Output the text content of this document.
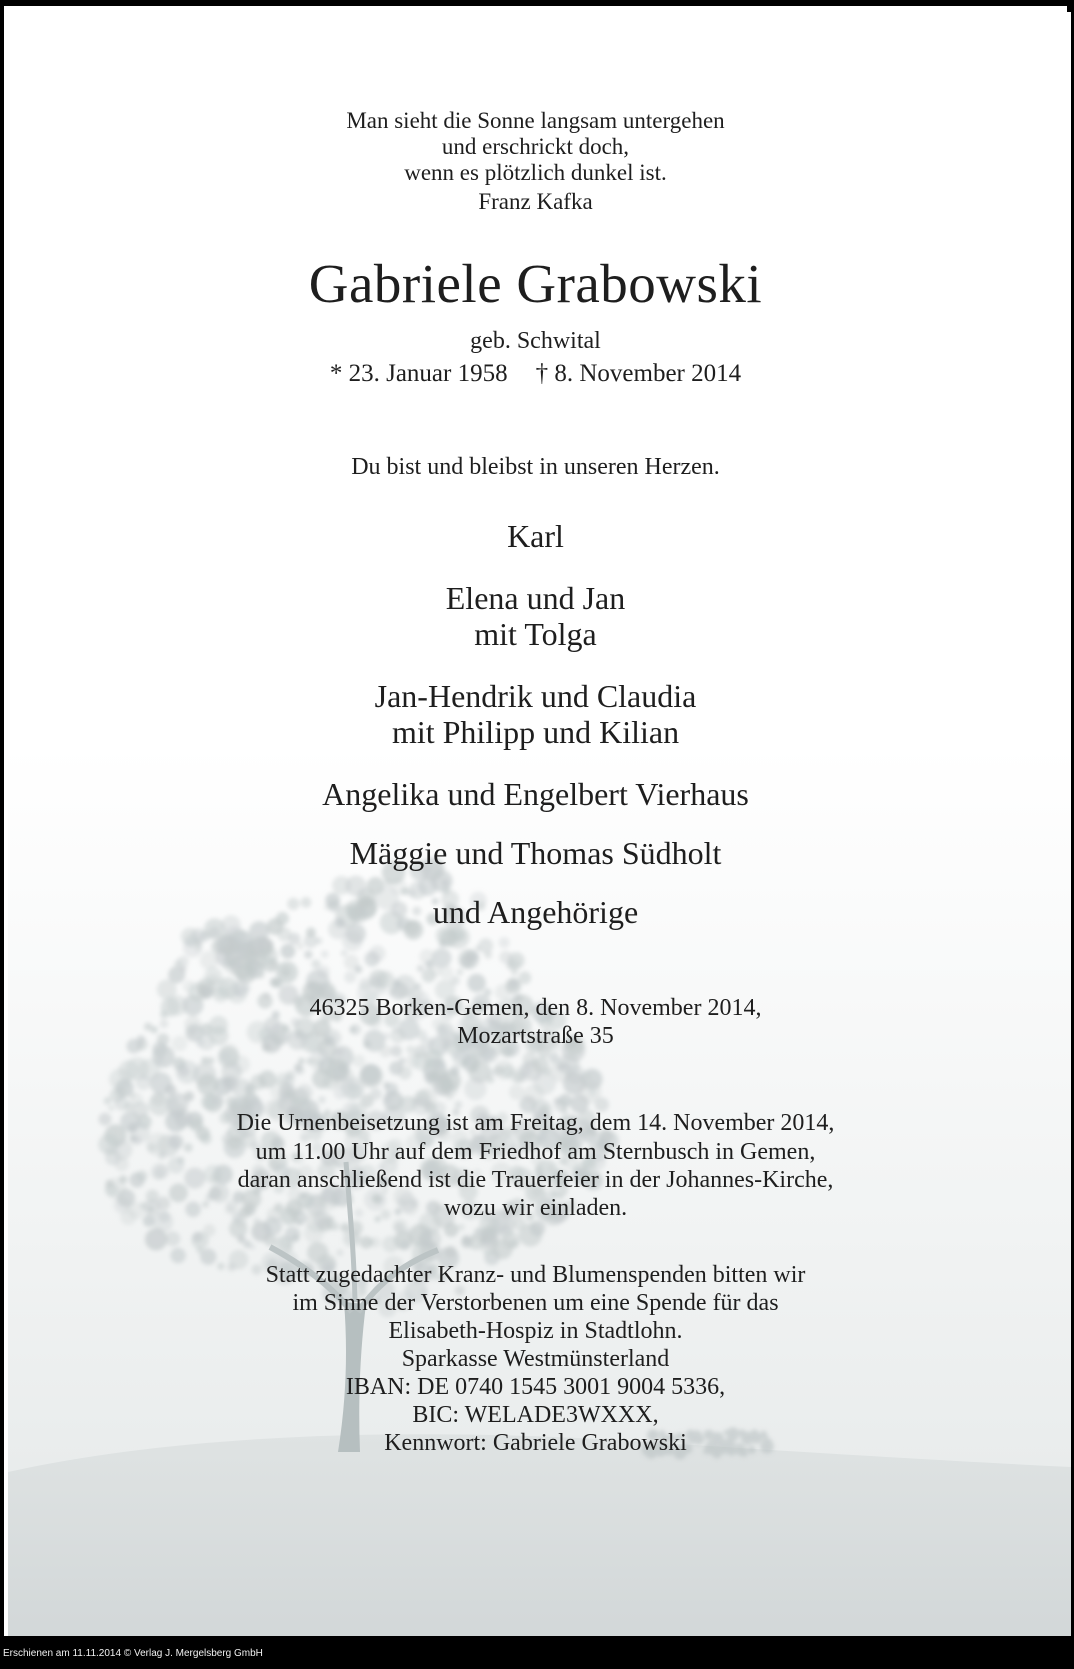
Man sieht die Sonne langsam untergehen
und erschrickt doch,
wenn es plötzlich dunkel ist.
Franz Kafka
Gabriele Grabowski
geb. Schwital
* 23. Januar 1958 † 8. November 2014
Du bist und bleibst in unseren Herzen.
Karl
Elena und Jan
mit Tolga
Jan-Hendrik und Claudia
mit Philipp und Kilian
Angelika und Engelbert Vierhaus
Mäggie und Thomas Südholt
und Angehörige
46325 Borken-Gemen, den 8. November 2014,
Mozartstraße 35
Die Urnenbeisetzung ist am Freitag, dem 14. November 2014,
um 11.00 Uhr auf dem Friedhof am Sternbusch in Gemen,
daran anschließend ist die Trauerfeier in der Johannes-Kirche,
wozu wir einladen.
Statt zugedachter Kranz- und Blumenspenden bitten wir
im Sinne der Verstorbenen um eine Spende für das
Elisabeth-Hospiz in Stadtlohn.
Sparkasse Westmünsterland
IBAN: DE 0740 1545 3001 9004 5336,
BIC: WELADE3WXXX,
Kennwort: Gabriele Grabowski
Erschienen am 11.11.2014 © Verlag J. Mergelsberg GmbH
